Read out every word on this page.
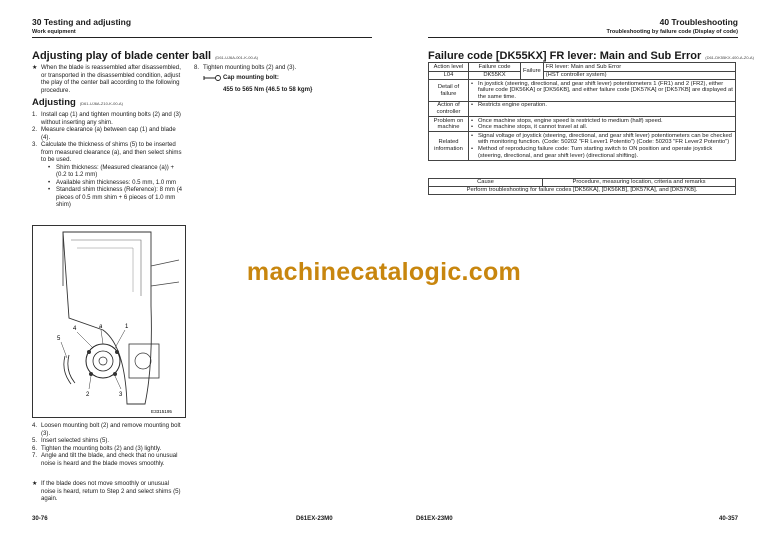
30 Testing and adjusting
Work equipment
Adjusting play of blade center ball (D61-UJ6A-001-K-00-A)
★ When the blade is reassembled after disassembled, or transported in the disassembled condition, adjust the play of the center ball according to the following procedure.
Adjusting (D61-UJ6A-Z10-K-00-A)
1. Install cap (1) and tighten mounting bolts (2) and (3) without inserting any shim.
2. Measure clearance (a) between cap (1) and blade (4).
3. Calculate the thickness of shims (5) to be inserted from measured clearance (a), and then select shims to be used.
• Shim thickness: (Measured clearance (a)) + (0.2 to 1.2 mm)
• Available shim thicknesses: 0.5 mm, 1.0 mm
• Standard shim thickness (Reference): 8 mm (4 pieces of 0.5 mm shim + 6 pieces of 1.0 mm shim)
4	a	1
5
2	3
E3315195
4. Loosen mounting bolt (2) and remove mounting bolt (3).
5. Insert selected shims (5).
6. Tighten the mounting bolts (2) and (3) lightly.
7. Angle and tilt the blade, and check that no unusual noise is heard and the blade moves smoothly.
★ If the blade does not move smoothly or unusual noise is heard, return to Step 2 and select shims (5) again.
8. Tighten mounting bolts (2) and (3).
Cap mounting bolt:
455 to 565 Nm {46.5 to 58 kgm}
30-76	D61EX-23M0
40 Troubleshooting
Troubleshooting by failure code (Display of code)
Failure code [DK55KX] FR lever: Main and Sub Error (D61-DK55KX-400-A-Z0-A)
Action level	Failure code	Failure	FR lever: Main and Sub Error
L04	DK55KX		(HST controller system)
Detail of failure	• In joystick (steering, directional, and gear shift lever) potentiometers 1 (FR1) and 2 (FR2), either failure code [DK56KA] or [DK56KB], and either failure code [DK57KA] or [DK57KB] are displayed at the same time.		

Action of controller	• Restricts engine operation.		

Problem on machine	• Once machine stops, engine speed is restricted to medium (half) speed.
• Once machine stops, it cannot travel at all.		

Related information	• Signal voltage of joystick (steering, directional, and gear shift lever) potentiometers can be checked with monitoring function. (Code: 50202 "FR Lever1 Potentio") (Code: 50203 "FR Lever2 Potentio")
• Method of reproducing failure code: Turn starting switch to ON position and operate joystick (steering, directional, and gear shift lever) (directional shifting).		
Cause	Procedure, measuring location, criteria and remarks
Perform troubleshooting for failure codes [DK56KA], [DK56KB], [DK57KA], and [DK57KB].
D61EX-23M0	40-357
machinecatalogic.com
